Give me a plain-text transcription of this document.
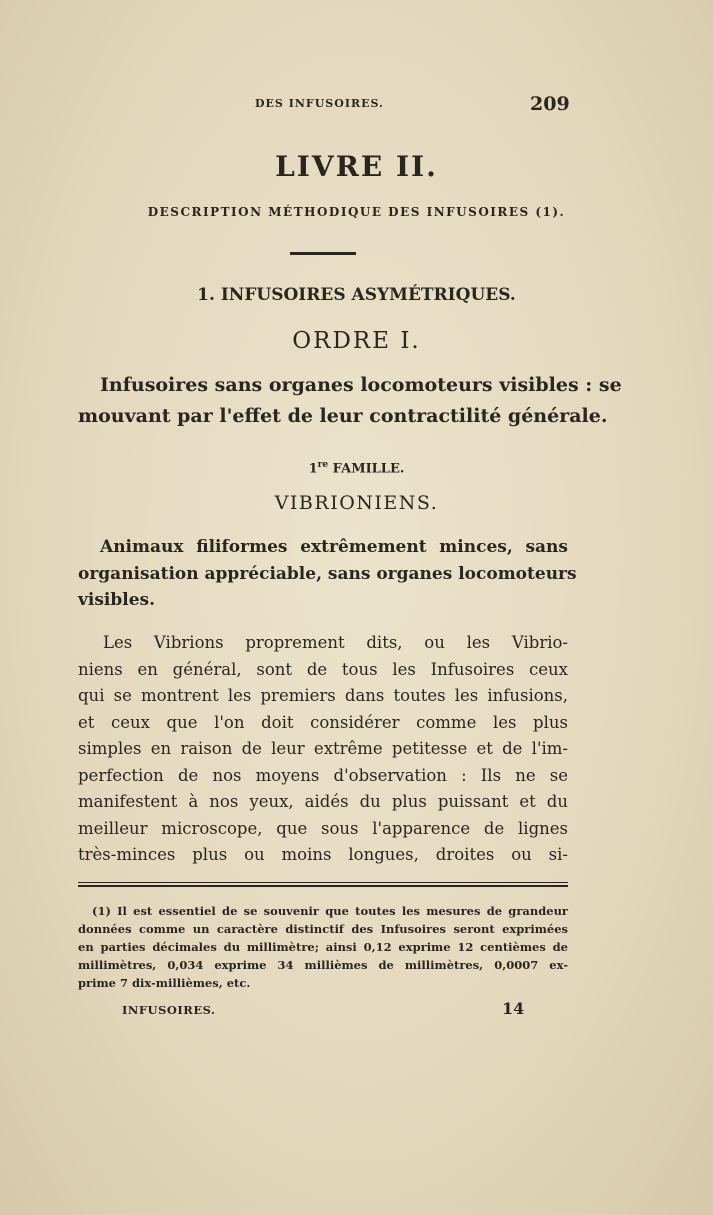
DES INFUSOIRES.	209
LIVRE II.
DESCRIPTION MÉTHODIQUE DES INFUSOIRES (1).
1. INFUSOIRES ASYMÉTRIQUES.
ORDRE I.
Infusoires sans organes locomoteurs visibles : se
mouvant par l'effet de leur contractilité générale.
1re FAMILLE.
VIBRIONIENS.
Animaux filiformes extrêmement minces, sans
organisation appréciable, sans organes locomoteurs
visibles.
Les Vibrions proprement dits, ou les Vibrio-
niens en général, sont de tous les Infusoires ceux
qui se montrent les premiers dans toutes les infusions,
et ceux que l'on doit considérer comme les plus
simples en raison de leur extrême petitesse et de l'im-
perfection de nos moyens d'observation : Ils ne se
manifestent à nos yeux, aidés du plus puissant et du
meilleur microscope, que sous l'apparence de lignes
très-minces plus ou moins longues, droites ou si-
(1) Il est essentiel de se souvenir que toutes les mesures de grandeur
données comme un caractère distinctif des Infusoires seront exprimées
en parties décimales du millimètre; ainsi 0,12 exprime 12 centièmes de
millimètres, 0,034 exprime 34 millièmes de millimètres, 0,0007 ex-
prime 7 dix-millièmes, etc.
INFUSOIRES.	14
